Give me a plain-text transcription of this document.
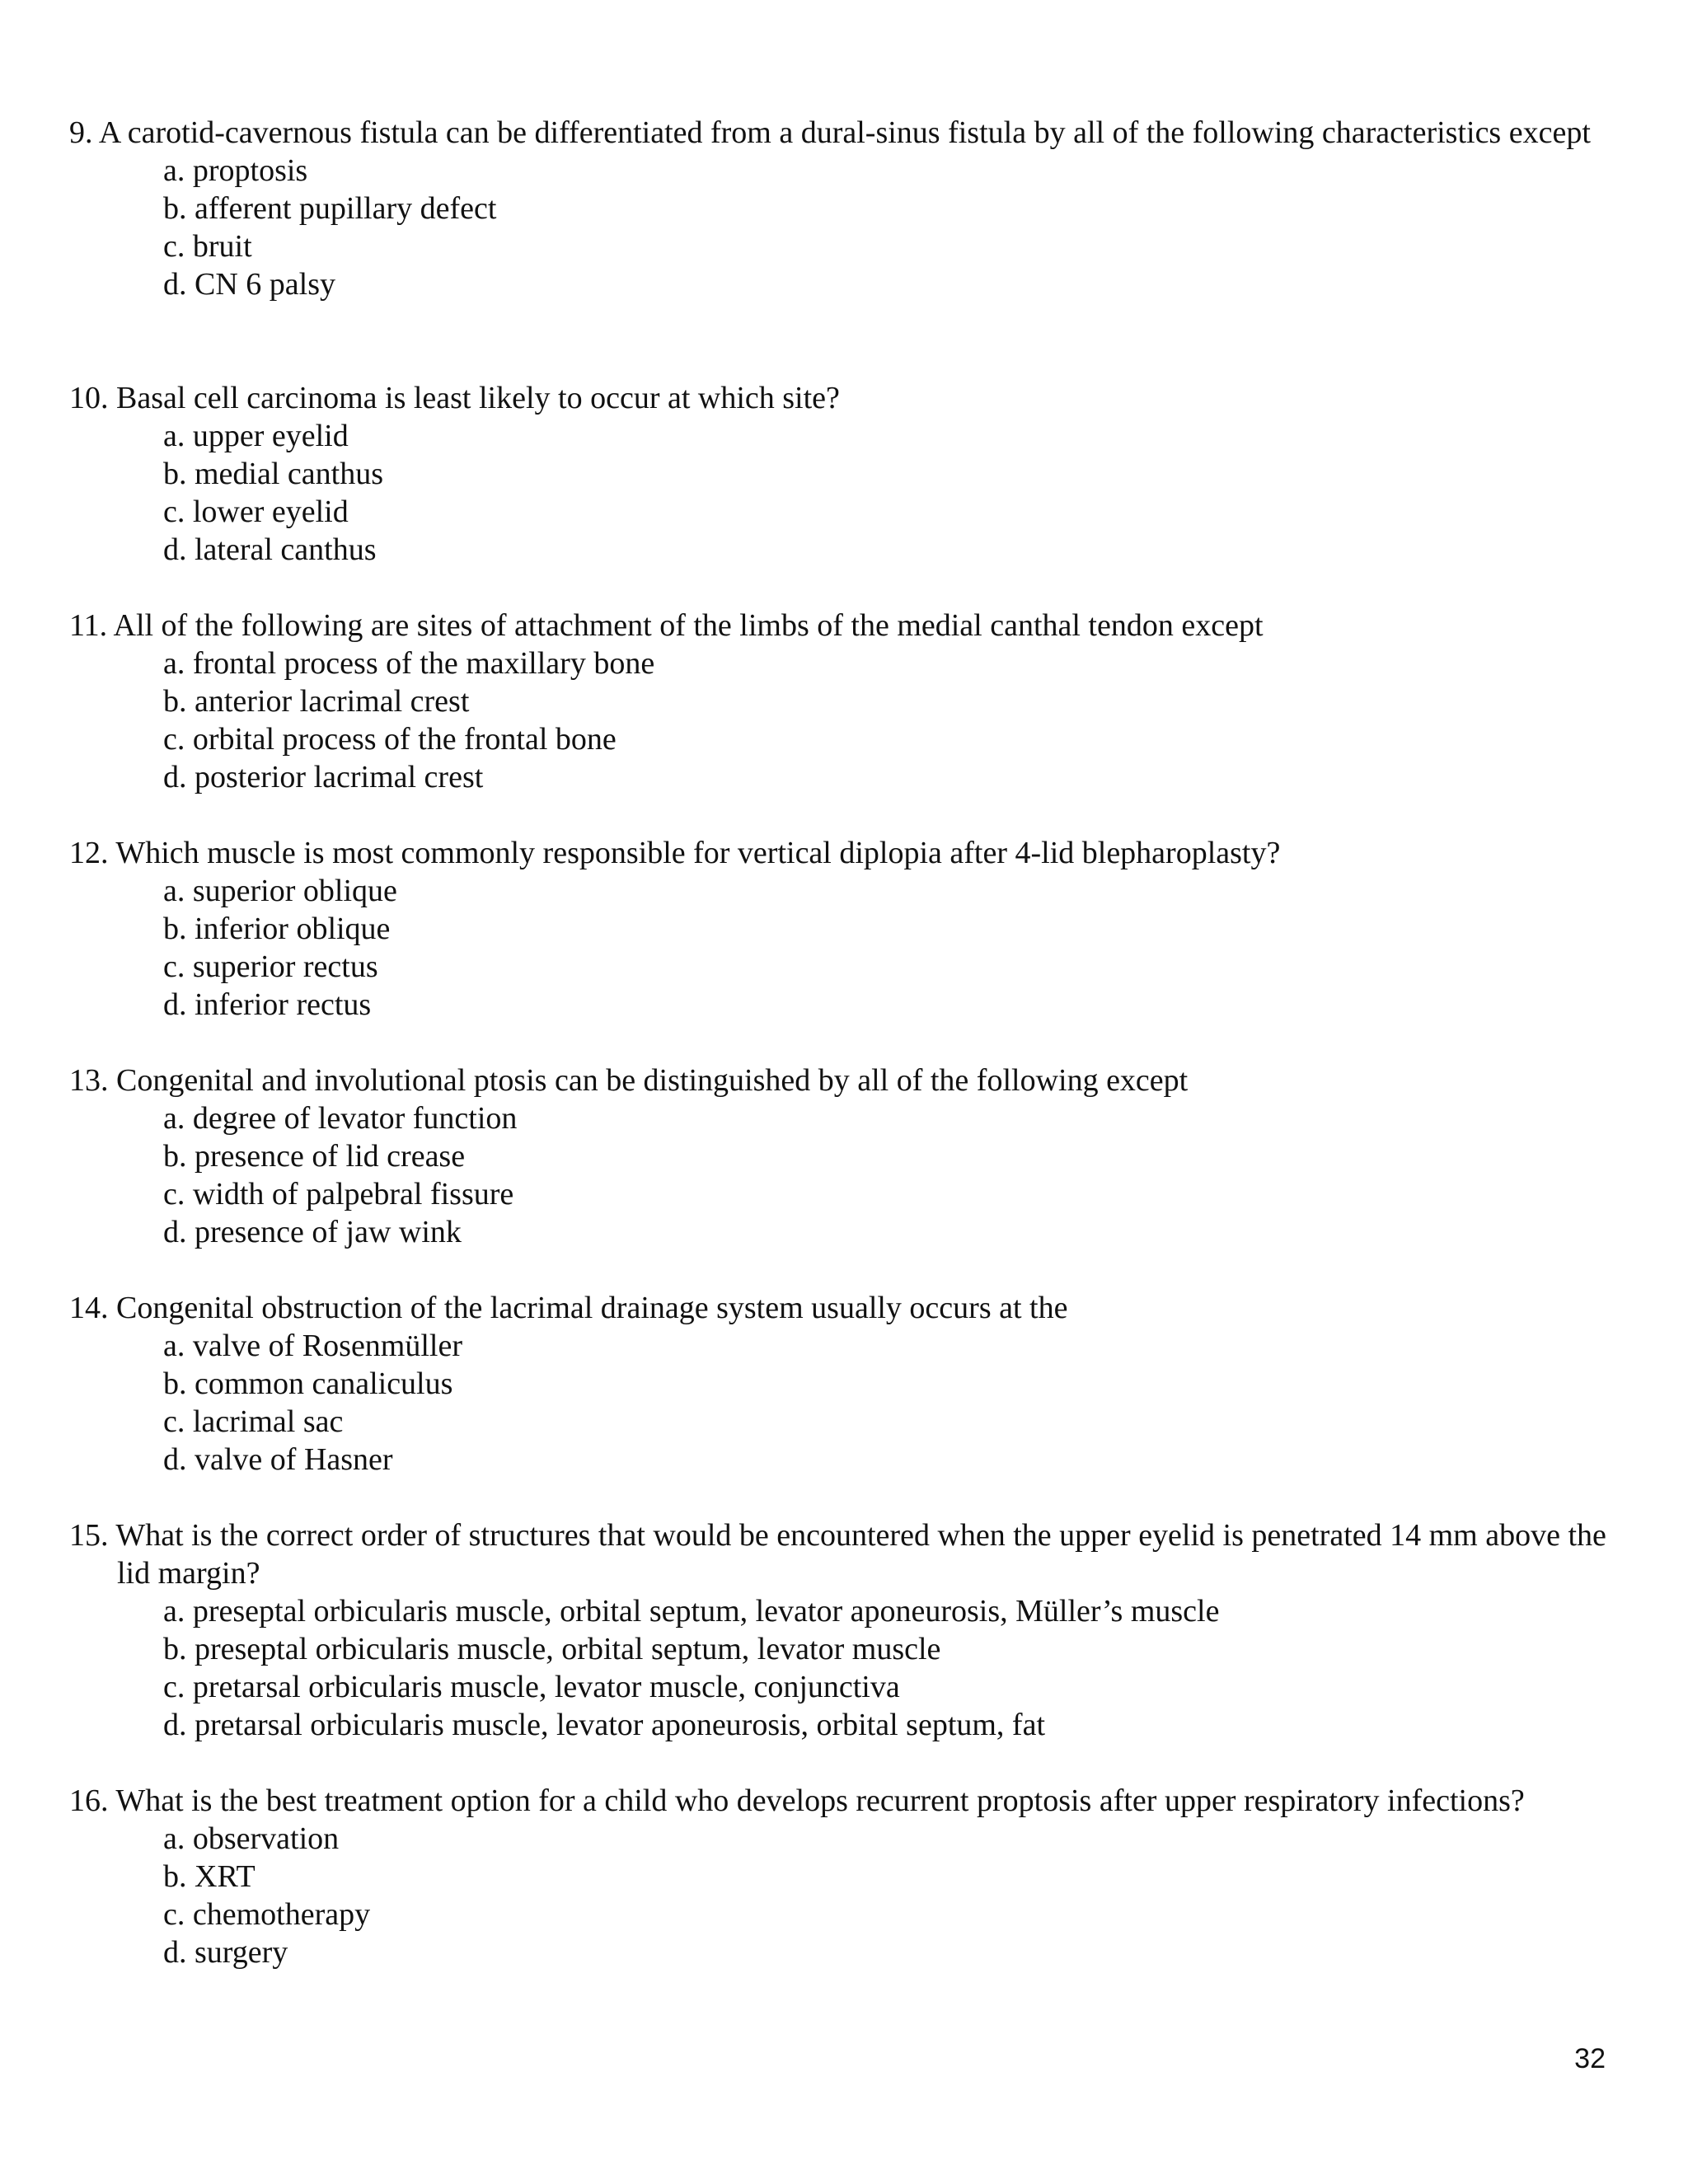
9. A carotid-cavernous fistula can be differentiated from a dural-sinus fistula by all of the following characteristics except

a. proptosis
b. afferent pupillary defect
c. bruit
d. CN 6 palsy

10. Basal cell carcinoma is least likely to occur at which site?

a. upper eyelid
b. medial canthus
c. lower eyelid
d. lateral canthus

11. All of the following are sites of attachment of the limbs of the medial canthal tendon except

a. frontal process of the maxillary bone
b. anterior lacrimal crest
c. orbital process of the frontal bone
d. posterior lacrimal crest

12. Which muscle is most commonly responsible for vertical diplopia after 4-lid blepharoplasty?

a. superior oblique
b. inferior oblique
c. superior rectus
d. inferior rectus

13. Congenital and involutional ptosis can be distinguished by all of the following except

a. degree of levator function
b. presence of lid crease
c. width of palpebral fissure
d. presence of jaw wink

14. Congenital obstruction of the lacrimal drainage system usually occurs at the

a. valve of Rosenmüller
b. common canaliculus
c. lacrimal sac
d. valve of Hasner

15. What is the correct order of structures that would be encountered when the upper eyelid is penetrated 14 mm above the lid margin?

a. preseptal orbicularis muscle, orbital septum, levator aponeurosis, Müller’s muscle
b. preseptal orbicularis muscle, orbital septum, levator muscle
c. pretarsal orbicularis muscle, levator muscle, conjunctiva
d. pretarsal orbicularis muscle, levator aponeurosis, orbital septum, fat

16. What is the best treatment option for a child who develops recurrent proptosis after upper respiratory infections?

a. observation
b. XRT
c. chemotherapy
d. surgery
32
